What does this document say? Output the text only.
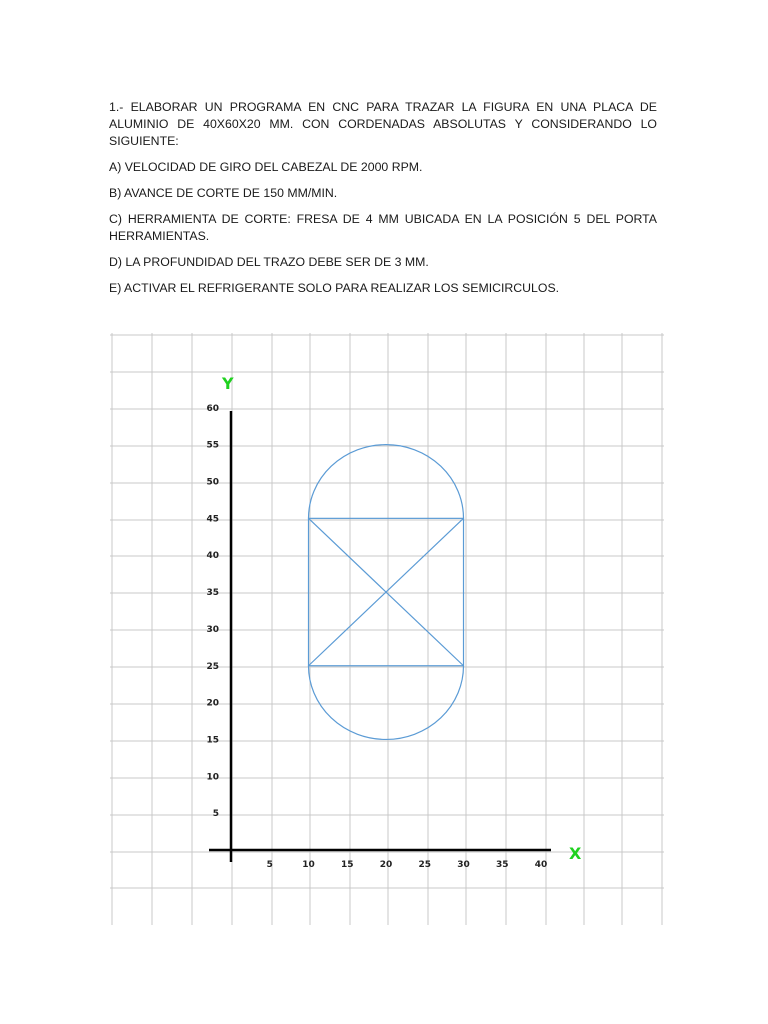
1.- ELABORAR UN PROGRAMA EN CNC PARA TRAZAR LA FIGURA EN UNA PLACA DE ALUMINIO DE 40X60X20 MM. CON CORDENADAS ABSOLUTAS Y CONSIDERANDO LO SIGUIENTE:

A) VELOCIDAD DE GIRO DEL CABEZAL DE 2000 RPM.

B) AVANCE DE CORTE DE 150 MM/MIN.

C) HERRAMIENTA DE CORTE: FRESA DE 4 MM UBICADA EN LA POSICIÓN 5 DEL PORTA HERRAMIENTAS.

D) LA PROFUNDIDAD DEL TRAZO DEBE SER DE 3 MM.

E) ACTIVAR EL REFRIGERANTE SOLO PARA REALIZAR LOS SEMICIRCULOS.

Y
X
5	10	15	20	25	30	35	40
5
10
15
20
25
30
35
40
45
50
55
60
